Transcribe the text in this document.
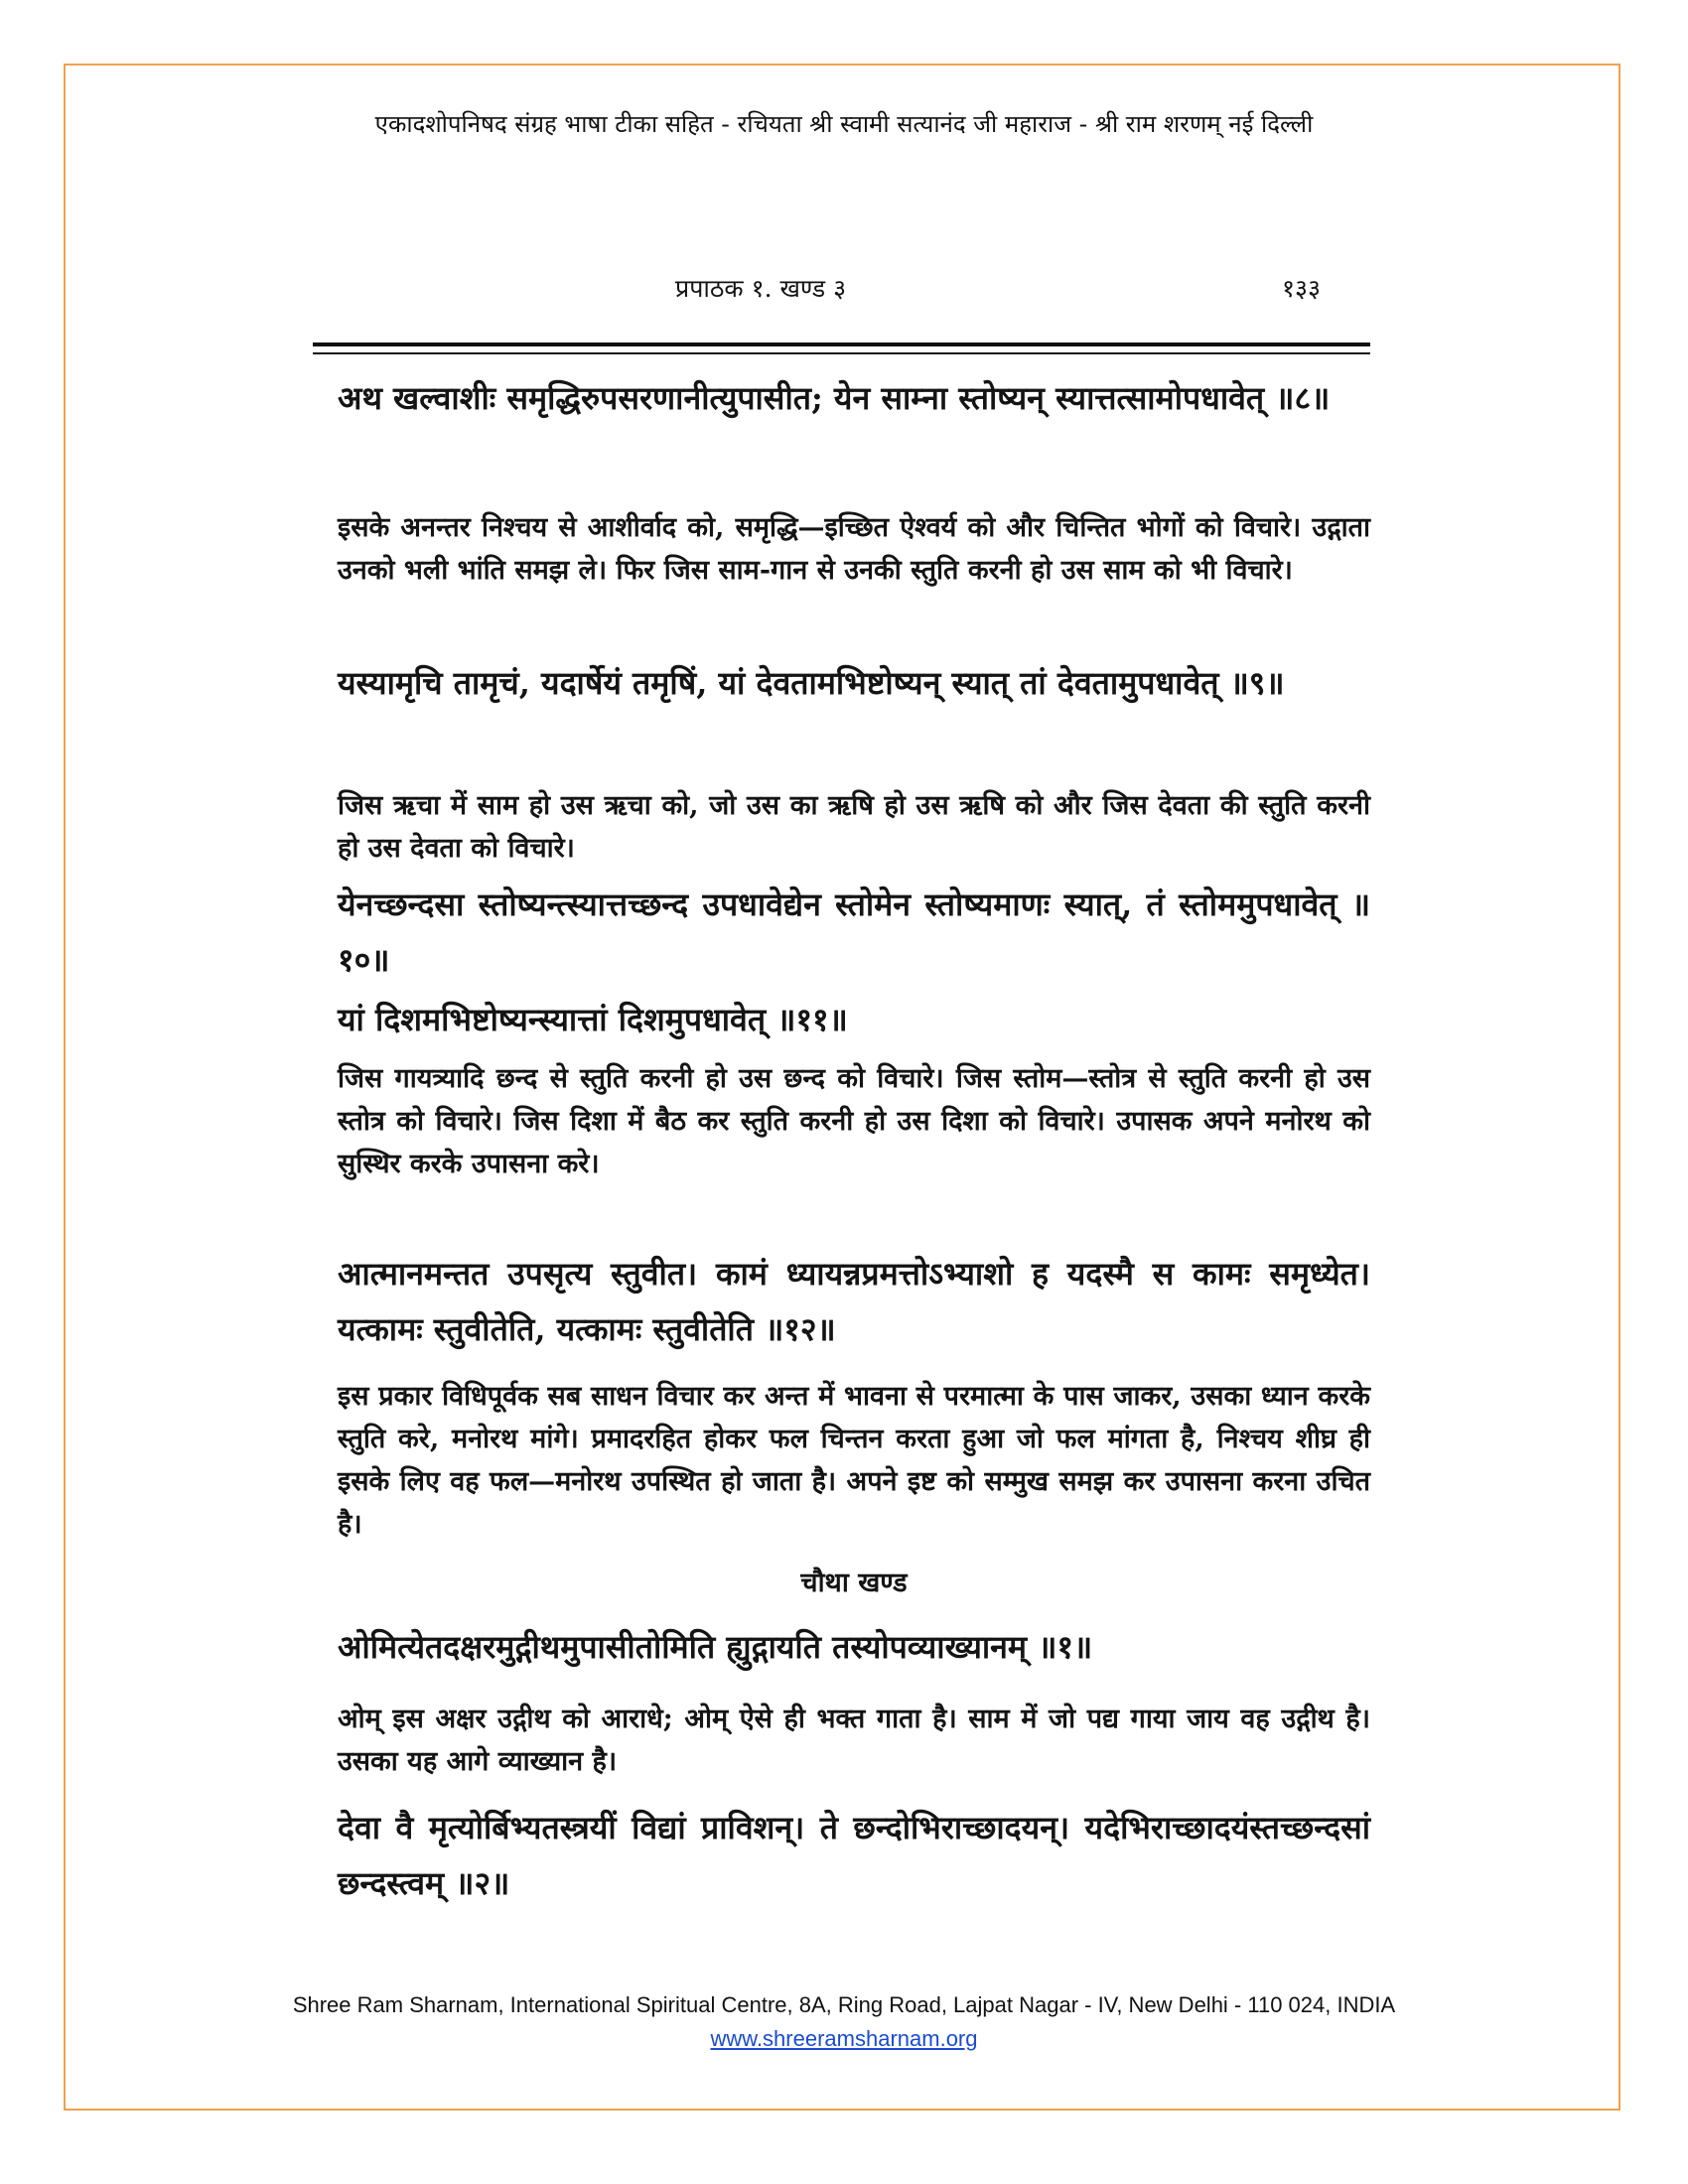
एकादशोपनिषद संग्रह भाषा टीका सहित - रचियता श्री स्वामी सत्यानंद जी महाराज - श्री राम शरणम् नई दिल्ली
प्रपाठक १. खण्ड ३	१३३

अथ खल्वाशीः समृद्धिरुपसरणानीत्युपासीत; येन साम्ना स्तोष्यन् स्यात्तत्सामोपधावेत् ॥८॥

इसके अनन्तर निश्चय से आशीर्वाद को, समृद्धि—इच्छित ऐश्वर्य को और चिन्तित भोगों को विचारे। उद्गाता उनको भली भांति समझ ले। फिर जिस साम-गान से उनकी स्तुति करनी हो उस साम को भी विचारे।

यस्यामृचि तामृचं, यदार्षेयं तमृषिं, यां देवतामभिष्टोष्यन् स्यात् तां देवतामुपधावेत् ॥९॥

जिस ऋचा में साम हो उस ऋचा को, जो उस का ऋषि हो उस ऋषि को और जिस देवता की स्तुति करनी हो उस देवता को विचारे।

येनच्छन्दसा स्तोष्यन्त्स्यात्तच्छन्द उपधावेद्येन स्तोमेन स्तोष्यमाणः स्यात्, तं स्तोममुपधावेत् ॥१०॥

यां दिशमभिष्टोष्यन्स्यात्तां दिशमुपधावेत् ॥११॥

जिस गायत्र्यादि छन्द से स्तुति करनी हो उस छन्द को विचारे। जिस स्तोम—स्तोत्र से स्तुति करनी हो उस स्तोत्र को विचारे। जिस दिशा में बैठ कर स्तुति करनी हो उस दिशा को विचारे। उपासक अपने मनोरथ को सुस्थिर करके उपासना करे।

आत्मानमन्तत उपसृत्य स्तुवीत। कामं ध्यायन्नप्रमत्तोऽभ्याशो ह यदस्मै स कामः समृध्येत। यत्कामः स्तुवीतेति, यत्कामः स्तुवीतेति ॥१२॥

इस प्रकार विधिपूर्वक सब साधन विचार कर अन्त में भावना से परमात्मा के पास जाकर, उसका ध्यान करके स्तुति करे, मनोरथ मांगे। प्रमादरहित होकर फल चिन्तन करता हुआ जो फल मांगता है, निश्चय शीघ्र ही इसके लिए वह फल—मनोरथ उपस्थित हो जाता है। अपने इष्ट को सम्मुख समझ कर उपासना करना उचित है।

चौथा खण्ड

ओमित्येतदक्षरमुद्गीथमुपासीतोमिति ह्युद्गायति तस्योपव्याख्यानम् ॥१॥

ओम् इस अक्षर उद्गीथ को आराधे; ओम् ऐसे ही भक्त गाता है। साम में जो पद्य गाया जाय वह उद्गीथ है। उसका यह आगे व्याख्यान है।

देवा वै मृत्योर्बिभ्यतस्त्रयीं विद्यां प्राविशन्। ते छन्दोभिराच्छादयन्। यदेभिराच्छादयंस्तच्छन्दसां छन्दस्त्वम् ॥२॥

Shree Ram Sharnam, International Spiritual Centre, 8A, Ring Road, Lajpat Nagar - IV, New Delhi - 110 024, INDIA
www.shreeramsharnam.org
